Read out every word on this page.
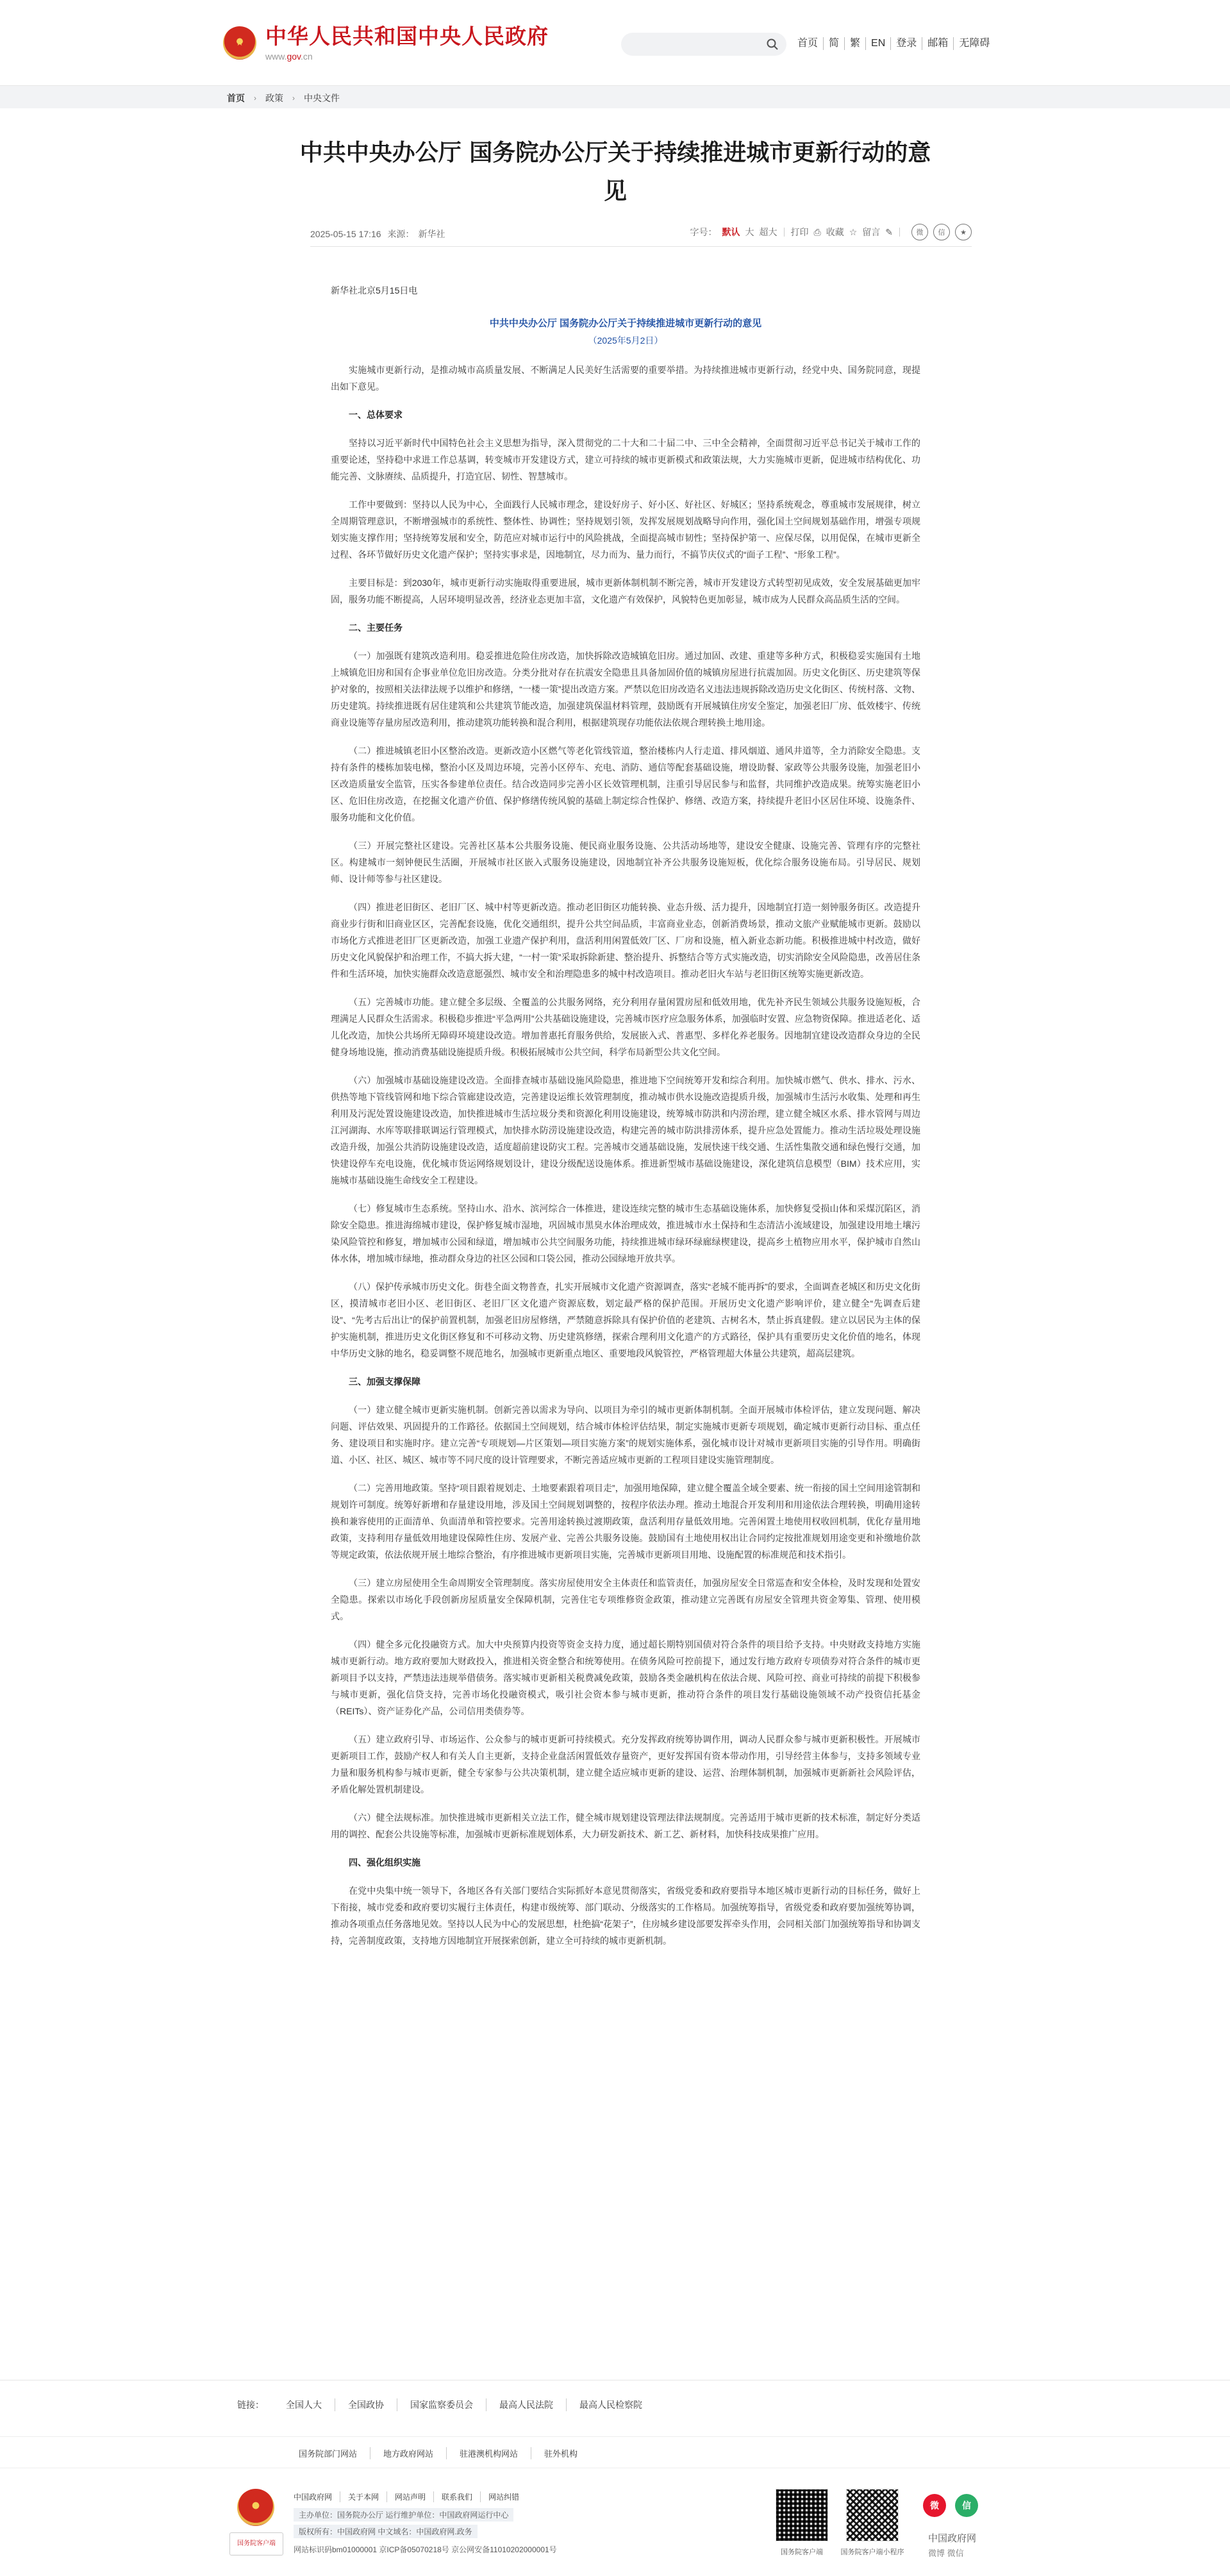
★ 中华人民共和国中央人民政府
www.gov.cn
首页	简	繁	EN	登录	邮箱	无障碍
首页 › 政策 › 中央文件
中共中央办公厅 国务院办公厅关于持续推进城市更新行动的意见
2025-05-15 17:16 来源： 新华社	字号： 默认 大 超大 打印 ⎙ 收藏 ☆ 留言 ✎	微	信	★

新华社北京5月15日电

中共中央办公厅 国务院办公厅关于持续推进城市更新行动的意见

（2025年5月2日）

实施城市更新行动，是推动城市高质量发展、不断满足人民美好生活需要的重要举措。为持续推进城市更新行动，经党中央、国务院同意，现提出如下意见。

一、总体要求

坚持以习近平新时代中国特色社会主义思想为指导，深入贯彻党的二十大和二十届二中、三中全会精神，全面贯彻习近平总书记关于城市工作的重要论述，坚持稳中求进工作总基调，转变城市开发建设方式，建立可持续的城市更新模式和政策法规，大力实施城市更新，促进城市结构优化、功能完善、文脉赓续、品质提升，打造宜居、韧性、智慧城市。

工作中要做到：坚持以人民为中心，全面践行人民城市理念，建设好房子、好小区、好社区、好城区；坚持系统观念，尊重城市发展规律，树立全周期管理意识，不断增强城市的系统性、整体性、协调性；坚持规划引领，发挥发展规划战略导向作用，强化国土空间规划基础作用，增强专项规划实施支撑作用；坚持统筹发展和安全，防范应对城市运行中的风险挑战，全面提高城市韧性；坚持保护第一、应保尽保，以用促保，在城市更新全过程、各环节做好历史文化遗产保护；坚持实事求是，因地制宜，尽力而为、量力而行，不搞节庆仪式的“面子工程”、“形象工程”。

主要目标是：到2030年，城市更新行动实施取得重要进展，城市更新体制机制不断完善，城市开发建设方式转型初见成效，安全发展基础更加牢固，服务功能不断提高，人居环境明显改善，经济业态更加丰富，文化遗产有效保护，风貌特色更加彰显，城市成为人民群众高品质生活的空间。

二、主要任务

（一）加强既有建筑改造利用。稳妥推进危险住房改造，加快拆除改造城镇危旧房。通过加固、改建、重建等多种方式，积极稳妥实施国有土地上城镇危旧房和国有企事业单位危旧房改造。分类分批对存在抗震安全隐患且具备加固价值的城镇房屋进行抗震加固。历史文化街区、历史建筑等保护对象的，按照相关法律法规予以维护和修缮，“一楼一策”提出改造方案。严禁以危旧房改造名义违法违规拆除改造历史文化街区、传统村落、文物、历史建筑。持续推进既有居住建筑和公共建筑节能改造，加强建筑保温材料管理，鼓励既有开展城镇住房安全鉴定，加强老旧厂房、低效楼宇、传统商业设施等存量房屋改造利用，推动建筑功能转换和混合利用，根据建筑现存功能依法依规合理转换土地用途。

（二）推进城镇老旧小区整治改造。更新改造小区燃气等老化管线管道，整治楼栋内人行走道、排风烟道、通风井道等，全力消除安全隐患。支持有条件的楼栋加装电梯，整治小区及周边环境，完善小区停车、充电、消防、通信等配套基础设施，增设助餐、家政等公共服务设施，加强老旧小区改造质量安全监管，压实各参建单位责任。结合改造同步完善小区长效管理机制，注重引导居民参与和监督，共同维护改造成果。统筹实施老旧小区、危旧住房改造，在挖掘文化遗产价值、保护修缮传统风貌的基础上制定综合性保护、修缮、改造方案，持续提升老旧小区居住环境、设施条件、服务功能和文化价值。

（三）开展完整社区建设。完善社区基本公共服务设施、便民商业服务设施、公共活动场地等，建设安全健康、设施完善、管理有序的完整社区。构建城市一刻钟便民生活圈，开展城市社区嵌入式服务设施建设，因地制宜补齐公共服务设施短板，优化综合服务设施布局。引导居民、规划师、设计师等参与社区建设。

（四）推进老旧街区、老旧厂区、城中村等更新改造。推动老旧街区功能转换、业态升级、活力提升，因地制宜打造一刻钟服务街区。改造提升商业步行街和旧商业区区，完善配套设施，优化交通组织，提升公共空间品质，丰富商业业态，创新消费场景，推动文旅产业赋能城市更新。鼓励以市场化方式推进老旧厂区更新改造，加强工业遗产保护利用，盘活利用闲置低效厂区、厂房和设施，植入新业态新功能。积极推进城中村改造，做好历史文化风貌保护和治理工作，不搞大拆大建，“一村一策”采取拆除新建、整治提升、拆整结合等方式实施改造，切实消除安全风险隐患，改善居住条件和生活环境，加快实施群众改造意愿强烈、城市安全和治理隐患多的城中村改造项目。推动老旧火车站与老旧街区统筹实施更新改造。

（五）完善城市功能。建立健全多层级、全覆盖的公共服务网络，充分利用存量闲置房屋和低效用地，优先补齐民生领域公共服务设施短板，合理满足人民群众生活需求。积极稳步推进“平急两用”公共基础设施建设，完善城市医疗应急服务体系，加强临时安置、应急物资保障。推进适老化、适儿化改造，加快公共场所无障碍环境建设改造。增加普惠托育服务供给，发展嵌入式、普惠型、多样化养老服务。因地制宜建设改造群众身边的全民健身场地设施，推动消费基础设施提质升级。积极拓展城市公共空间，科学布局新型公共文化空间。

（六）加强城市基础设施建设改造。全面排查城市基础设施风险隐患，推进地下空间统筹开发和综合利用。加快城市燃气、供水、排水、污水、供热等地下管线管网和地下综合管廊建设改造，完善建设运维长效管理制度，推动城市供水设施改造提质升级，加强城市生活污水收集、处理和再生利用及污泥处置设施建设改造，加快推进城市生活垃圾分类和资源化利用设施建设，统筹城市防洪和内涝治理，建立健全城区水系、排水管网与周边江河湖海、水库等联排联调运行管理模式，加快排水防涝设施建设改造，构建完善的城市防洪排涝体系，提升应急处置能力。推动生活垃圾处理设施改造升级，加强公共消防设施建设改造，适度超前建设防灾工程。完善城市交通基础设施，发展快速干线交通、生活性集散交通和绿色慢行交通，加快建设停车充电设施，优化城市货运网络规划设计，建设分级配送设施体系。推进新型城市基础设施建设，深化建筑信息模型（BIM）技术应用，实施城市基础设施生命线安全工程建设。

（七）修复城市生态系统。坚持山水、沿水、滨河综合一体推进，建设连续完整的城市生态基础设施体系，加快修复受损山体和采煤沉陷区，消除安全隐患。推进海绵城市建设，保护修复城市湿地，巩固城市黑臭水体治理成效，推进城市水土保持和生态清洁小流域建设，加强建设用地土壤污染风险管控和修复，增加城市公园和绿道，增加城市公共空间服务功能，持续推进城市绿环绿廊绿楔建设，提高乡土植物应用水平，保护城市自然山体水体，增加城市绿地，推动群众身边的社区公园和口袋公园，推动公园绿地开放共享。

（八）保护传承城市历史文化。街巷全面文物普查，扎实开展城市文化遗产资源调查，落实“老城不能再拆”的要求，全面调查老城区和历史文化街区，摸清城市老旧小区、老旧街区、老旧厂区文化遗产资源底数，划定最严格的保护范围。开展历史文化遗产影响评价，建立健全“先调查后建设”、“先考古后出让”的保护前置机制，加强老旧房屋修缮，严禁随意拆除具有保护价值的老建筑、古树名木，禁止拆真建假。建立以居民为主体的保护实施机制，推进历史文化街区修复和不可移动文物、历史建筑修缮，探索合理利用文化遗产的方式路径，保护具有重要历史文化价值的地名，体现中华历史文脉的地名，稳妥调整不规范地名，加强城市更新重点地区、重要地段风貌管控，严格管理超大体量公共建筑，超高层建筑。

三、加强支撑保障

（一）建立健全城市更新实施机制。创新完善以需求为导向、以项目为牵引的城市更新体制机制。全面开展城市体检评估，建立发现问题、解决问题、评估效果、巩固提升的工作路径。依据国土空间规划，结合城市体检评估结果，制定实施城市更新专项规划，确定城市更新行动目标、重点任务、建设项目和实施时序。建立完善“专项规划—片区策划—项目实施方案”的规划实施体系，强化城市设计对城市更新项目实施的引导作用。明确街道、小区、社区、城区、城市等不同尺度的设计管理要求，不断完善适应城市更新的工程项目建设实施管理制度。

（二）完善用地政策。坚持“项目跟着规划走、土地要素跟着项目走”，加强用地保障，建立健全覆盖全域全要素、统一衔接的国土空间用途管制和规划许可制度。统筹好新增和存量建设用地，涉及国土空间规划调整的，按程序依法办理。推动土地混合开发利用和用途依法合理转换，明确用途转换和兼容使用的正面清单、负面清单和管控要求。完善用途转换过渡期政策，盘活利用存量低效用地。完善闲置土地使用权收回机制，优化存量用地政策，支持利用存量低效用地建设保障性住房、发展产业、完善公共服务设施。鼓励国有土地使用权出让合同约定按批准规划用途变更和补缴地价款等规定政策，依法依规开展土地综合整治，有序推进城市更新项目实施，完善城市更新项目用地、设施配置的标准规范和技术指引。

（三）建立房屋使用全生命周期安全管理制度。落实房屋使用安全主体责任和监管责任，加强房屋安全日常巡查和安全体检，及时发现和处置安全隐患。探索以市场化手段创新房屋质量安全保障机制，完善住宅专项维修资金政策，推动建立完善既有房屋安全管理共资金筹集、管理、使用模式。

（四）健全多元化投融资方式。加大中央预算内投资等资金支持力度，通过超长期特别国债对符合条件的项目给予支持。中央财政支持地方实施城市更新行动。地方政府要加大财政投入，推进相关资金整合和统筹使用。在债务风险可控前提下，通过发行地方政府专项债券对符合条件的城市更新项目予以支持，严禁违法违规举借债务。落实城市更新相关税费减免政策，鼓励各类金融机构在依法合规、风险可控、商业可持续的前提下积极参与城市更新，强化信贷支持，完善市场化投融资模式，吸引社会资本参与城市更新，推动符合条件的项目发行基础设施领域不动产投资信托基金（REITs）、资产证券化产品，公司信用类债券等。

（五）建立政府引导、市场运作、公众参与的城市更新可持续模式。充分发挥政府统筹协调作用，调动人民群众参与城市更新积极性。开展城市更新项目工作，鼓励产权人和有关人自主更新，支持企业盘活闲置低效存量资产，更好发挥国有资本带动作用，引导经营主体参与，支持多领域专业力量和服务机构参与城市更新，健全专家参与公共决策机制，建立健全适应城市更新的建设、运营、治理体制机制，加强城市更新新社会风险评估，矛盾化解处置机制建设。

（六）健全法规标准。加快推进城市更新相关立法工作，健全城市规划建设管理法律法规制度。完善适用于城市更新的技术标准，制定好分类适用的调控、配套公共设施等标准，加强城市更新标准规划体系，大力研发新技术、新工艺、新材料，加快科技成果推广应用。

四、强化组织实施

在党中央集中统一领导下，各地区各有关部门要结合实际抓好本意见贯彻落实，省级党委和政府要指导本地区城市更新行动的目标任务，做好上下衔接，城市党委和政府要切实履行主体责任，构建市级统筹、部门联动、分级落实的工作格局。加强统筹指导，省级党委和政府要加强统筹协调，推动各项重点任务落地见效。坚持以人民为中心的发展思想，杜绝搞“花架子”，住房城乡建设部要发挥牵头作用，会同相关部门加强统筹指导和协调支持，完善制度政策，支持地方因地制宜开展探索创新，建立全可持续的城市更新机制。

链接：	全国人大	全国政协	国家监察委员会	最高人民法院	最高人民检察院
国务院部门网站	地方政府网站	驻港澳机构网站	驻外机构
国务院客户端
中国政府网	关于本网	网站声明	联系我们	网站纠错
主办单位：国务院办公厅 运行维护单位：中国政府网运行中心
版权所有：中国政府网 中文域名：中国政府网.政务
网站标识码bm01000001 京ICP备05070218号 京公网安备11010202000001号	国务院客户端	国务院客户端小程序
微	信
中国政府网
微博 微信
